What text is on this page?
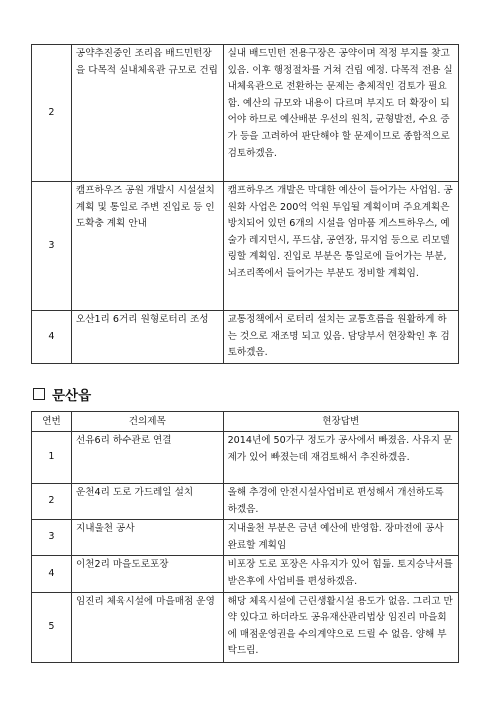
2	공약추진중인 조리읍 배드민턴장을 다목적 실내체육관 규모로 건립	실내 배드민턴 전용구장은 공약이며 적정 부지를 찾고 있음. 이후 행정절차를 거쳐 건립 예정. 다목적 전용 실내체육관으로 전환하는 문제는 총체적인 검토가 필요함. 예산의 규모와 내용이 다르며 부지도 더 확장이 되어야 하므로 예산배분 우선의 원칙, 균형발전, 수요 증가 등을 고려하여 판단해야 할 문제이므로 종합적으로 검토하겠음.
3	캠프하우즈 공원 개발시 시설설치 계획 및 통일로 주변 진입로 등 인도확충 계획 안내	캠프하우즈 개발은 막대한 예산이 들어가는 사업임. 공원화 사업은 200억 억원 투입될 계획이며 주요계획은 방치되어 있던 6개의 시설을 엄마품 게스트하우스, 예술가 레지던시, 푸드샵, 공연장, 뮤지엄 등으로 리모델링할 계획임. 진입로 부분은 통일로에 들어가는 부분, 뇌조리쪽에서 들어가는 부분도 정비할 계획임.
4	오산1리 6거리 원형로터리 조성	교통정책에서 로터리 설치는 교통흐름을 원활하게 하는 것으로 재조명 되고 있음. 담당부서 현장확인 후 검토하겠음.
문산읍
연번	건의제목	현장답변
1	선유6리 하수관로 연결	2014년에 50가구 정도가 공사에서 빠졌음. 사유지 문제가 있어 빠졌는데 재검토해서 추진하겠음.
2	운천4리 도로 가드레일 설치	올해 추경에 안전시설사업비로 편성해서 개선하도록 하겠음.
3	지내울천 공사	지내울천 부분은 금년 예산에 반영함. 장마전에 공사 완료할 계획임
4	이천2리 마을도로포장	비포장 도로 포장은 사유지가 있어 힘듦. 토지승낙서를 받은후에 사업비를 편성하겠음.
5	임진리 체육시설에 마을매점 운영	해당 체육시설에 근린생활시설 용도가 없음. 그리고 만약 있다고 하더라도 공유재산관리법상 임진리 마을회에 매점운영권을 수의계약으로 드릴 수 없음. 양해 부탁드림.
